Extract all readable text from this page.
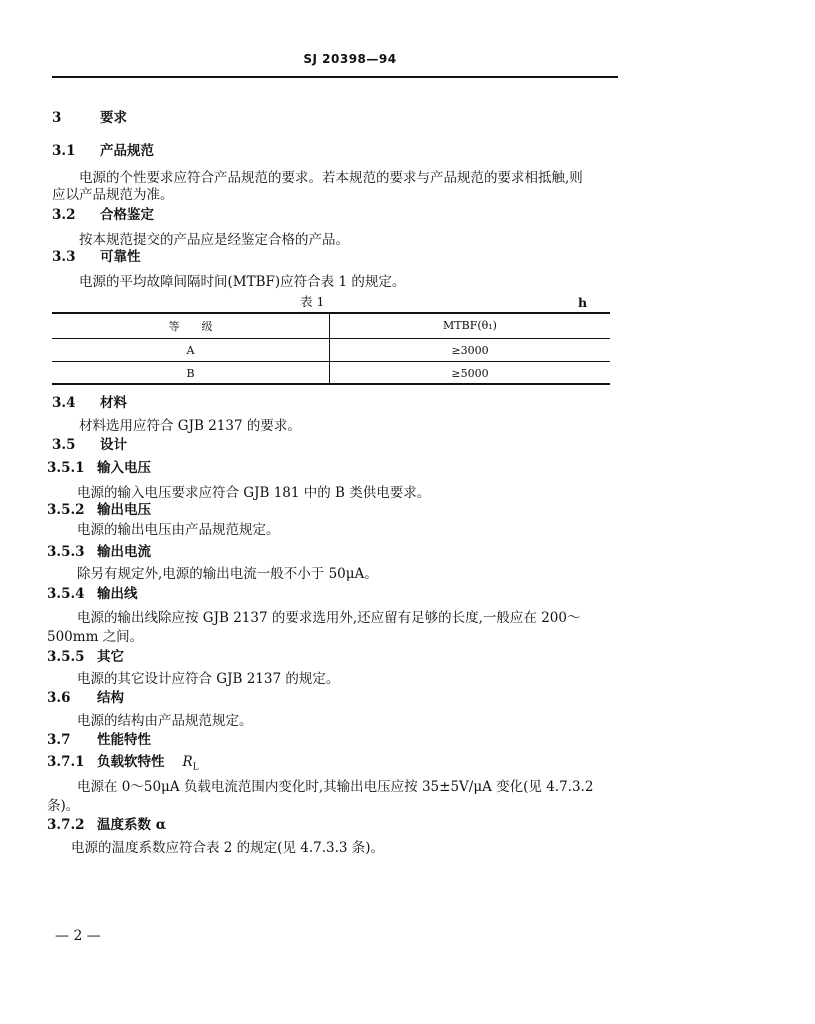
SJ 20398—94
3	要求
3.1 产品规范
电源的个性要求应符合产品规范的要求。若本规范的要求与产品规范的要求相抵触,则
应以产品规范为准。
3.2 合格鉴定
按本规范提交的产品应是经鉴定合格的产品。
3.3 可靠性
电源的平均故障间隔时间(MTBF)应符合表 1 的规定。
表 1	h
等　　级	MTBF(θ₁)
A	≥3000
B	≥5000
3.4 材料
材料选用应符合 GJB 2137 的要求。
3.5 设计
3.5.1 输入电压
电源的输入电压要求应符合 GJB 181 中的 B 类供电要求。
3.5.2 输出电压
电源的输出电压由产品规范规定。
3.5.3 输出电流
除另有规定外,电源的输出电流一般不小于 50μA。
3.5.4 输出线
电源的输出线除应按 GJB 2137 的要求选用外,还应留有足够的长度,一般应在 200～
500mm 之间。
3.5.5 其它
电源的其它设计应符合 GJB 2137 的规定。
3.6 结构
电源的结构由产品规范规定。
3.7 性能特性
3.7.1 负载软特性 $R_L$
电源在 0～50μA 负载电流范围内变化时,其输出电压应按 35±5V/μA 变化(见 4.7.3.2
条)。
3.7.2 温度系数 α
电源的温度系数应符合表 2 的规定(见 4.7.3.3 条)。
— 2 —
